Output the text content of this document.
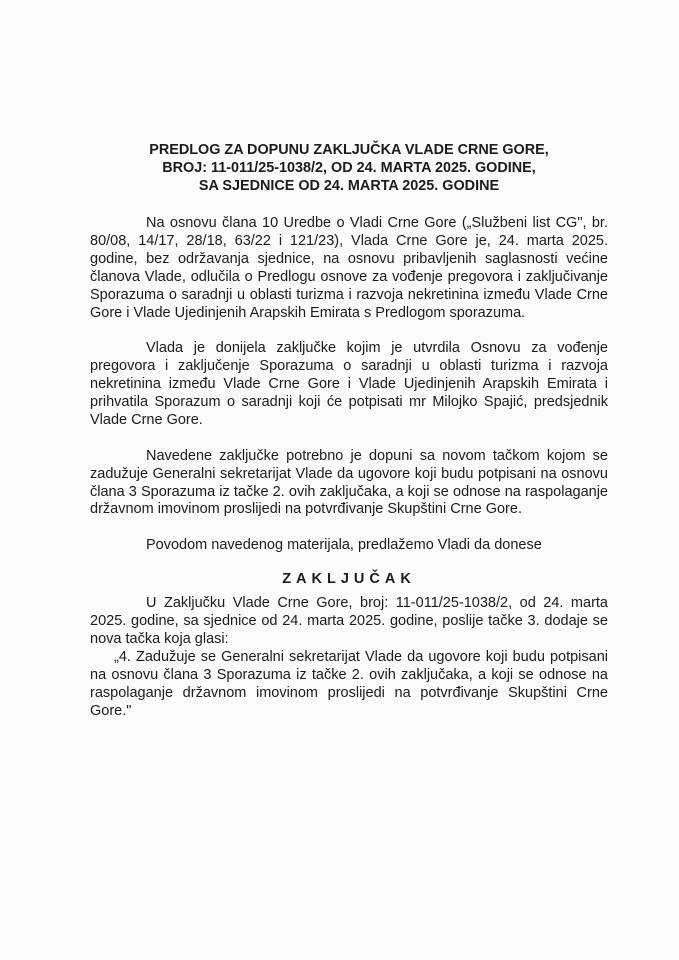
PREDLOG ZA DOPUNU ZAKLJUČKA VLADE CRNE GORE,
BROJ: 11-011/25-1038/2, OD 24. MARTA 2025. GODINE,
SA SJEDNICE OD 24. MARTA 2025. GODINE

Na osnovu člana 10 Uredbe o Vladi Crne Gore („Službeni list CG", br. 80/08, 14/17, 28/18, 63/22 i 121/23), Vlada Crne Gore je, 24. marta 2025. godine, bez održavanja sjednice, na osnovu pribavljenih saglasnosti većine članova Vlade, odlučila o Predlogu osnove za vođenje pregovora i zaključivanje Sporazuma o saradnji u oblasti turizma i razvoja nekretinina između Vlade Crne Gore i Vlade Ujedinjenih Arapskih Emirata s Predlogom sporazuma.

Vlada je donijela zaključke kojim je utvrdila Osnovu za vođenje pregovora i zaključenje Sporazuma o saradnji u oblasti turizma i razvoja nekretinina između Vlade Crne Gore i Vlade Ujedinjenih Arapskih Emirata i prihvatila Sporazum o saradnji koji će potpisati mr Milojko Spajić, predsjednik Vlade Crne Gore.

Navedene zaključke potrebno je dopuni sa novom tačkom kojom se zadužuje Generalni sekretarijat Vlade da ugovore koji budu potpisani na osnovu člana 3 Sporazuma iz tačke 2. ovih zaključaka, a koji se odnose na raspolaganje državnom imovinom proslijedi na potvrđivanje Skupštini Crne Gore.

Povodom navedenog materijala, predlažemo Vladi da donese

ZAKLJUČAK

U Zaključku Vlade Crne Gore, broj: 11-011/25-1038/2, od 24. marta 2025. godine, sa sjednice od 24. marta 2025. godine, poslije tačke 3. dodaje se nova tačka koja glasi:

„4. Zadužuje se Generalni sekretarijat Vlade da ugovore koji budu potpisani na osnovu člana 3 Sporazuma iz tačke 2. ovih zaključaka, a koji se odnose na raspolaganje državnom imovinom proslijedi na potvrđivanje Skupštini Crne Gore."
